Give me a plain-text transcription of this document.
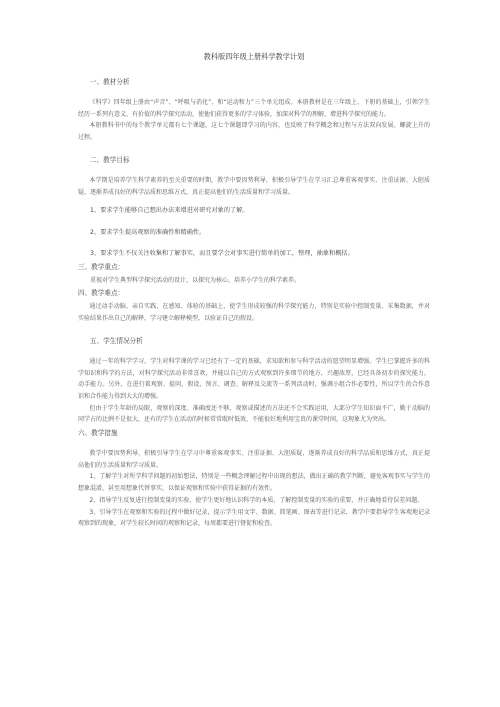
教科版四年级上册科学教学计划
一、教材分析

《科学》四年级上册由“声音”、“呼吸与消化”、和“运动和力”三个单元组成。本册教材是在三年级上、下册的基础上，引领学生经历一系列有意义、有价值的科学探究活动，使他们获得更多的学习体验，加深对科学的理解，增进科学探究的能力。

本册教科书中的每个教学单元都有七个课题，这七个课题即学习的内容，也反映了科学概念和过程与方法双向发展、螺旋上升的过程。

二、教学目标

本学期是培养学生科学素养的至关重要的时期，教学中要因势利导，积极引导学生在学习汇总尊重客观事实、注重证据、大胆质疑，逐渐养成良好的科学品质和思维方式，真正提高他们的生活质量和学习质量。

1、要求学生能够自己想出办法来增进对研究对象的了解。
2、要求学生提高观察的准确性和精确性。
3、要求学生不仅关注收集和了解事实，而且要学会对事实进行简单的加工，整理，抽象和概括。
三、教学重点：

重视对学生典型科学探究活动的设计，以探究为核心，培养小学生的科学素养。

四、教学难点：

通过动手动脑、亲自实践，在感知、体验的基础上，使学生形成较强的科学探究能力，特别是实验中控制变量、采集数据，并对实验结果作出自己的解释，学习建立解释模型，以验证自己的假设。

五、学生情况分析

通过一年的科学学习，学生对科学课的学习已经有了一定的基础，求知欲和参与科学活动的愿望明显增强。学生已掌握许多的科学知识和科学的方法，对科学探究活动非常喜欢，并能以自己的方式观察到许多细节的地方，兴趣浓厚，已经具备初步的探究能力，动手能力。另外，在进行着观察、提问、假设、预言、调查、解释及交流等一系列活动时，强调小组合作必要性，所以学生的合作意识和合作能力得到大大的增强。

但由于学生年龄的局限，观察的深度、准确度还不够，观察或描述的方法还不会实践运用，大部分学生知识面不广，勤于动脑的同学占的比例不是很大，还有的学生在活动的时候常常耽时低效，不能很好地利用宝贵的课堂时间，这现象尤为突出。

六、教学措施

教学中要因势利导，积极引导学生在学习中尊重客观事实、注重证据、大胆质疑，逐渐养成良好的科学品质和思维方式，真正提高他们的生活质量和学习质量。

1、了解学生对所学科学问题的初始想法，特别是一些概念理解过程中出现的想法，做出正确的教学判断，避免客观事实与学生的想象混淆，甚至用想象代替事实，以保证观察和实验中获得证据的有效性。

2、指导学生反复进行控制变量的实验，使学生更好地认识科学的本质，了解控制变量的实验的重要，并正确地看待误差问题。

3、引导学生在观察和实验的过程中做好记录，提示学生用文字、数据、简笔画、图表等进行记录，教学中要指导学生客观地记录观察到的现象，对学生较长时间的观察和记录，每周都要进行督促和检查。
